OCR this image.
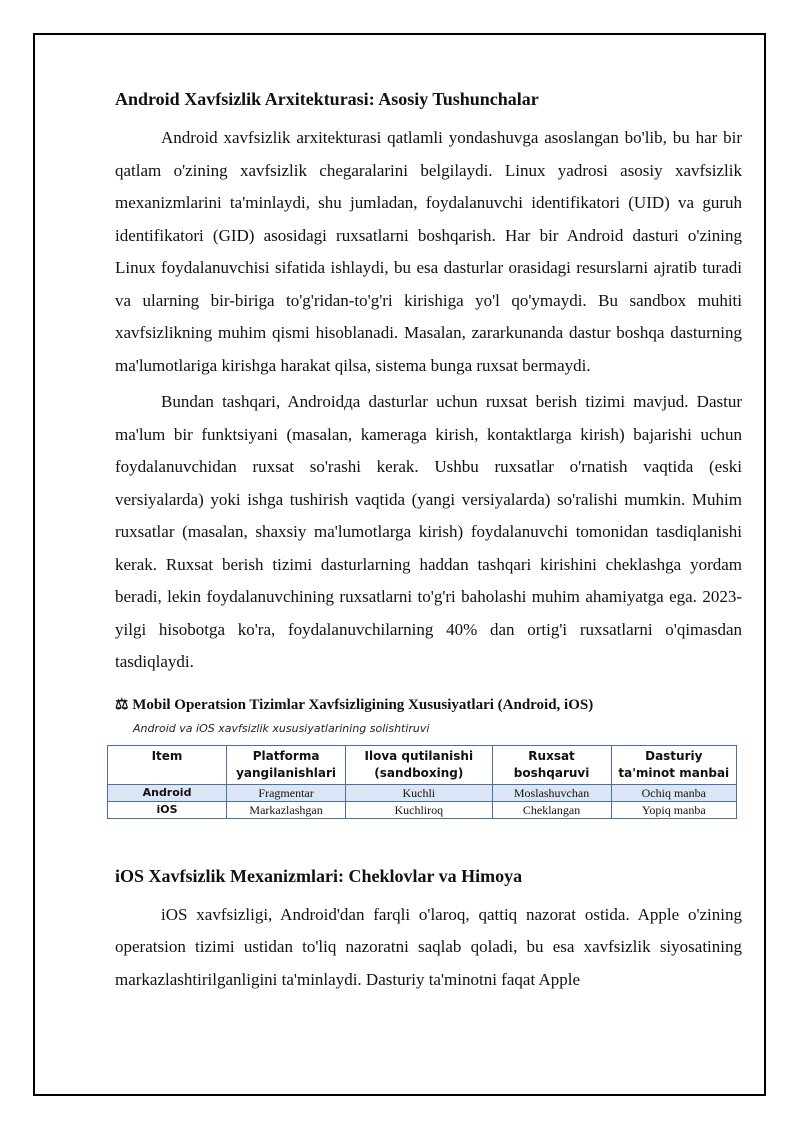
Android Xavfsizlik Arxitekturasi: Asosiy Tushunchalar

Android xavfsizlik arxitekturasi qatlamli yondashuvga asoslangan bo'lib, bu har bir qatlam o'zining xavfsizlik chegaralarini belgilaydi. Linux yadrosi asosiy xavfsizlik mexanizmlarini ta'minlaydi, shu jumladan, foydalanuvchi identifikatori (UID) va guruh identifikatori (GID) asosidagi ruxsatlarni boshqarish. Har bir Android dasturi o'zining Linux foydalanuvchisi sifatida ishlaydi, bu esa dasturlar orasidagi resurslarni ajratib turadi va ularning bir-biriga to'g'ridan-to'g'ri kirishiga yo'l qo'ymaydi. Bu sandbox muhiti xavfsizlikning muhim qismi hisoblanadi. Masalan, zararkunanda dastur boshqa dasturning ma'lumotlariga kirishga harakat qilsa, sistema bunga ruxsat bermaydi.

Bundan tashqari, Androidда dasturlar uchun ruxsat berish tizimi mavjud. Dastur ma'lum bir funktsiyani (masalan, kameraga kirish, kontaktlarga kirish) bajarishi uchun foydalanuvchidan ruxsat so'rashi kerak. Ushbu ruxsatlar o'rnatish vaqtida (eski versiyalarda) yoki ishga tushirish vaqtida (yangi versiyalarda) so'ralishi mumkin. Muhim ruxsatlar (masalan, shaxsiy ma'lumotlarga kirish) foydalanuvchi tomonidan tasdiqlanishi kerak. Ruxsat berish tizimi dasturlarning haddan tashqari kirishini cheklashga yordam beradi, lekin foydalanuvchining ruxsatlarni to'g'ri baholashi muhim ahamiyatga ega. 2023-yilgi hisobotga ko'ra, foydalanuvchilarning 40% dan ortig'i ruxsatlarni o'qimasdan tasdiqlaydi.

⚖ Mobil Operatsion Tizimlar Xavfsizligining Xususiyatlari (Android, iOS)
Android va iOS xavfsizlik xususiyatlarining solishtiruvi
Item	Platforma yangilanishlari	Ilova qutilanishi (sandboxing)	Ruxsat boshqaruvi	Dasturiy ta'minot manbai
Android	Fragmentar	Kuchli	Moslashuvchan	Ochiq manba
iOS	Markazlashgan	Kuchliroq	Cheklangan	Yopiq manba
iOS Xavfsizlik Mexanizmlari: Cheklovlar va Himoya

iOS xavfsizligi, Android'dan farqli o'laroq, qattiq nazorat ostida. Apple o'zining operatsion tizimi ustidan to'liq nazoratni saqlab qoladi, bu esa xavfsizlik siyosatining markazlashtirilganligini ta'minlaydi. Dasturiy ta'minotni faqat Apple
